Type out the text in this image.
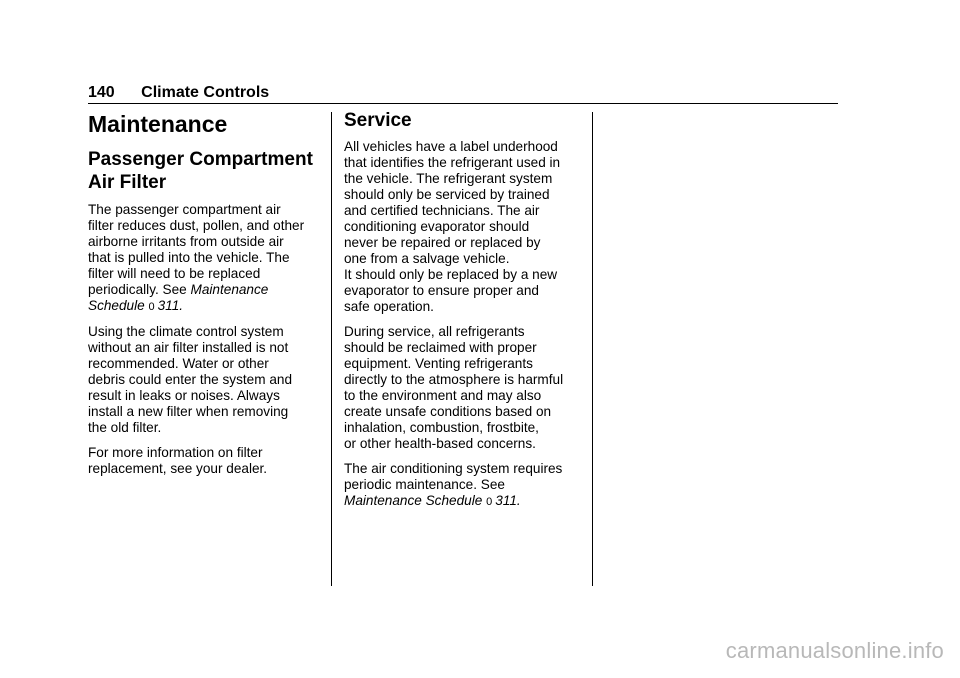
140 Climate Controls
Maintenance
Passenger Compartment
Air Filter

The passenger compartment air
filter reduces dust, pollen, and other
airborne irritants from outside air
that is pulled into the vehicle. The
filter will need to be replaced
periodically. See Maintenance
Schedule 0 311.

Using the climate control system
without an air filter installed is not
recommended. Water or other
debris could enter the system and
result in leaks or noises. Always
install a new filter when removing
the old filter.

For more information on filter
replacement, see your dealer.

Service

All vehicles have a label underhood
that identifies the refrigerant used in
the vehicle. The refrigerant system
should only be serviced by trained
and certified technicians. The air
conditioning evaporator should
never be repaired or replaced by
one from a salvage vehicle.
It should only be replaced by a new
evaporator to ensure proper and
safe operation.

During service, all refrigerants
should be reclaimed with proper
equipment. Venting refrigerants
directly to the atmosphere is harmful
to the environment and may also
create unsafe conditions based on
inhalation, combustion, frostbite,
or other health-based concerns.

The air conditioning system requires
periodic maintenance. See
Maintenance Schedule 0 311.

carmanualsonline.info
